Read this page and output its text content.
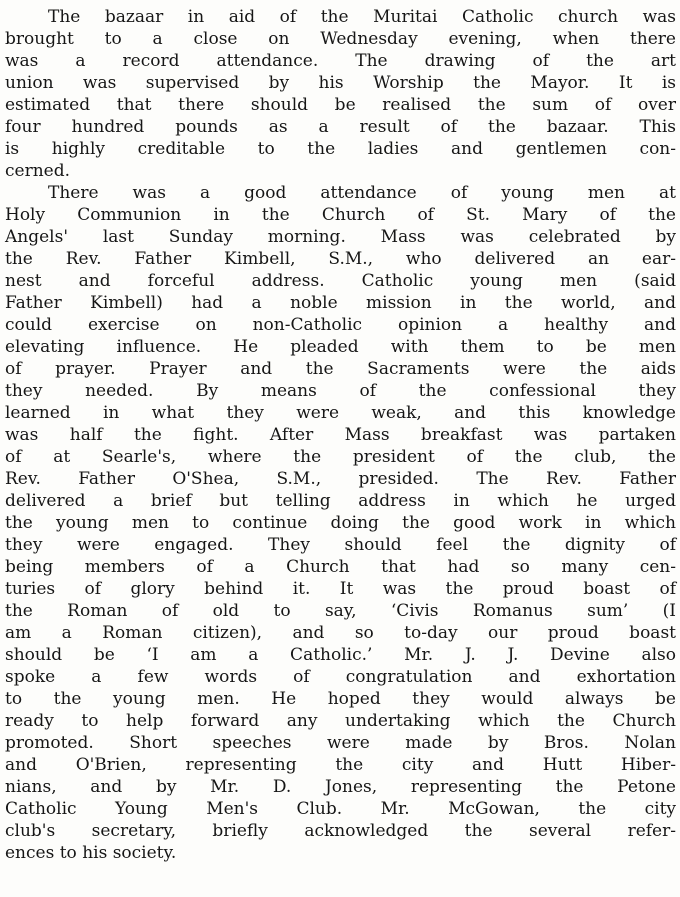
The bazaar in aid of the Muritai Catholic church was
brought to a close on Wednesday evening, when there
was a record attendance. The drawing of the art
union was supervised by his Worship the Mayor. It is
estimated that there should be realised the sum of over
four hundred pounds as a result of the bazaar. This
is highly creditable to the ladies and gentlemen con-
cerned.
There was a good attendance of young men at
Holy Communion in the Church of St. Mary of the
Angels' last Sunday morning. Mass was celebrated by
the Rev. Father Kimbell, S.M., who delivered an ear-
nest and forceful address. Catholic young men (said
Father Kimbell) had a noble mission in the world, and
could exercise on non-Catholic opinion a healthy and
elevating influence. He pleaded with them to be men
of prayer. Prayer and the Sacraments were the aids
they needed. By means of the confessional they
learned in what they were weak, and this knowledge
was half the fight. After Mass breakfast was partaken
of at Searle's, where the president of the club, the
Rev. Father O'Shea, S.M., presided. The Rev. Father
delivered a brief but telling address in which he urged
the young men to continue doing the good work in which
they were engaged. They should feel the dignity of
being members of a Church that had so many cen-
turies of glory behind it. It was the proud boast of
the Roman of old to say, ‘Civis Romanus sum’ (I
am a Roman citizen), and so to-day our proud boast
should be ‘I am a Catholic.’ Mr. J. J. Devine also
spoke a few words of congratulation and exhortation
to the young men. He hoped they would always be
ready to help forward any undertaking which the Church
promoted. Short speeches were made by Bros. Nolan
and O'Brien, representing the city and Hutt Hiber-
nians, and by Mr. D. Jones, representing the Petone
Catholic Young Men's Club. Mr. McGowan, the city
club's secretary, briefly acknowledged the several refer-
ences to his society.
